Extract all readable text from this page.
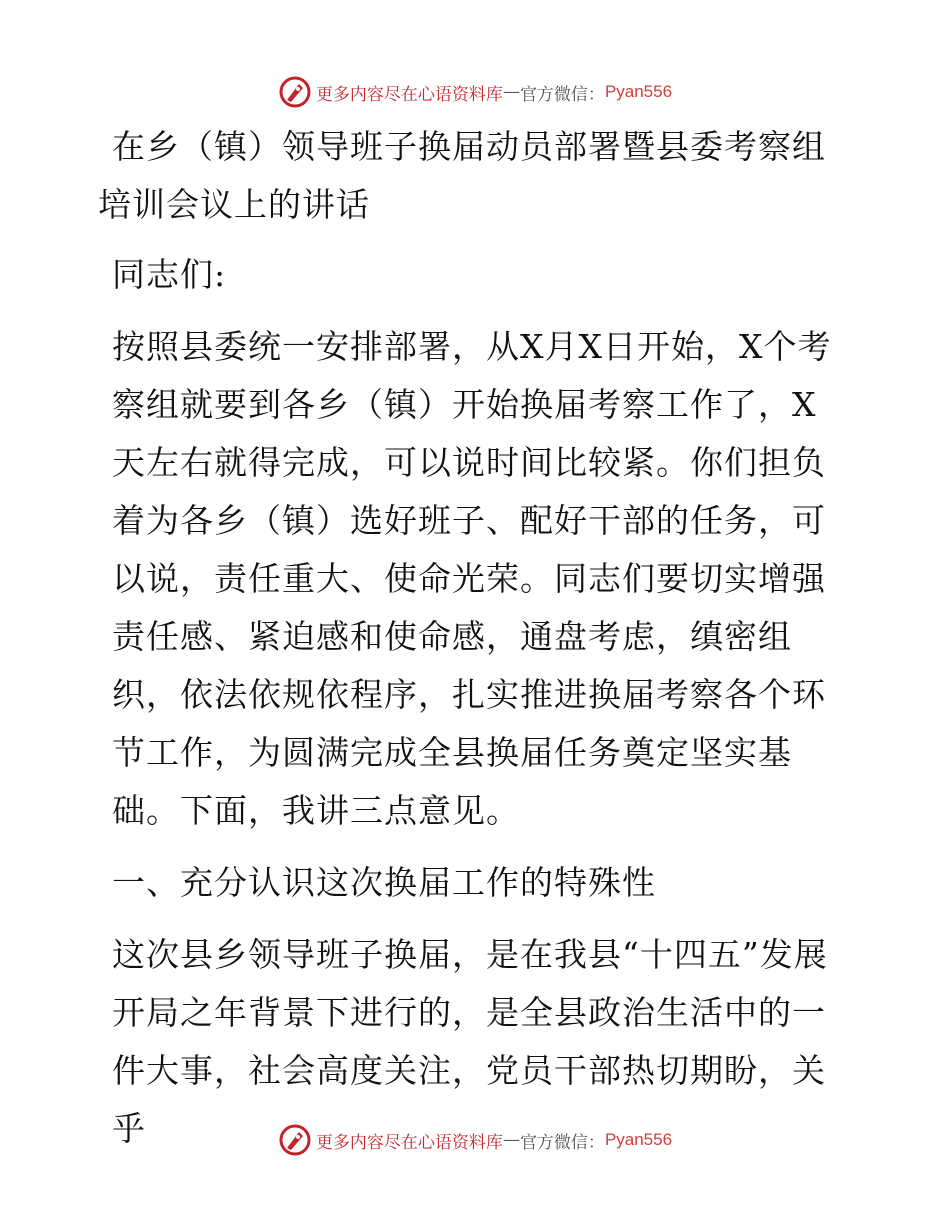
更多内容尽在心语资料库 — 官方微信： Pyan556

在乡（镇）领导班子换届动员部署暨县委考察组

培训会议上的讲话

同志们:

按照县委统一安排部署，从X月X日开始，X个考察组就要到各乡（镇）开始换届考察工作了，X天左右就得完成，可以说时间比较紧。你们担负着为各乡（镇）选好班子、配好干部的任务，可以说，责任重大、使命光荣。同志们要切实增强责任感、紧迫感和使命感，通盘考虑，缜密组织，依法依规依程序，扎实推进换届考察各个环节工作，为圆满完成全县换届任务奠定坚实基础。下面，我讲三点意见。

一、充分认识这次换届工作的特殊性

这次县乡领导班子换届，是在我县“十四五”发展开局之年背景下进行的，是全县政治生活中的一件大事，社会高度关注，党员干部热切期盼，关乎	更多内容尽在心语资料库 — 官方微信： Pyan556
